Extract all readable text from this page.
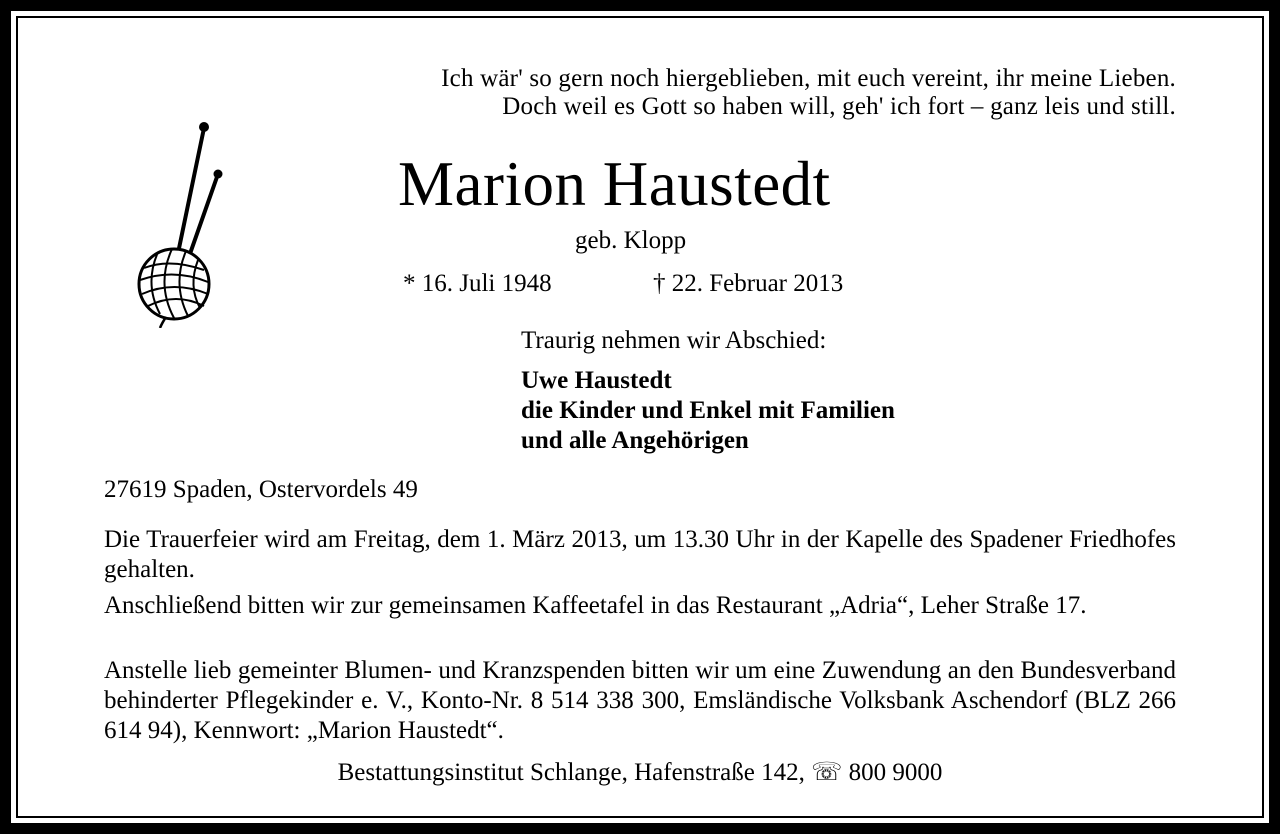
Ich wär' so gern noch hiergeblieben, mit euch vereint, ihr meine Lieben.
Doch weil es Gott so haben will, geh' ich fort – ganz leis und still.
Marion Haustedt
geb. Klopp
* 16. Juli 1948	† 22. Februar 2013
Traurig nehmen wir Abschied:
Uwe Haustedt
die Kinder und Enkel mit Familien
und alle Angehörigen
27619 Spaden, Ostervordels 49
Die Trauerfeier wird am Freitag, dem 1. März 2013, um 13.30 Uhr in der Kapelle des Spadener Friedhofes gehalten.
Anschließend bitten wir zur gemeinsamen Kaffeetafel in das Restaurant „Adria“, Leher Straße 17.
Anstelle lieb gemeinter Blumen- und Kranzspenden bitten wir um eine Zuwendung an den Bundesverband behinderter Pflegekinder e. V., Konto-Nr. 8 514 338 300, Emsländische Volksbank Aschendorf (BLZ 266 614 94), Kennwort: „Marion Haustedt“.
Bestattungsinstitut Schlange, Hafenstraße 142, ☏ 800 9000
